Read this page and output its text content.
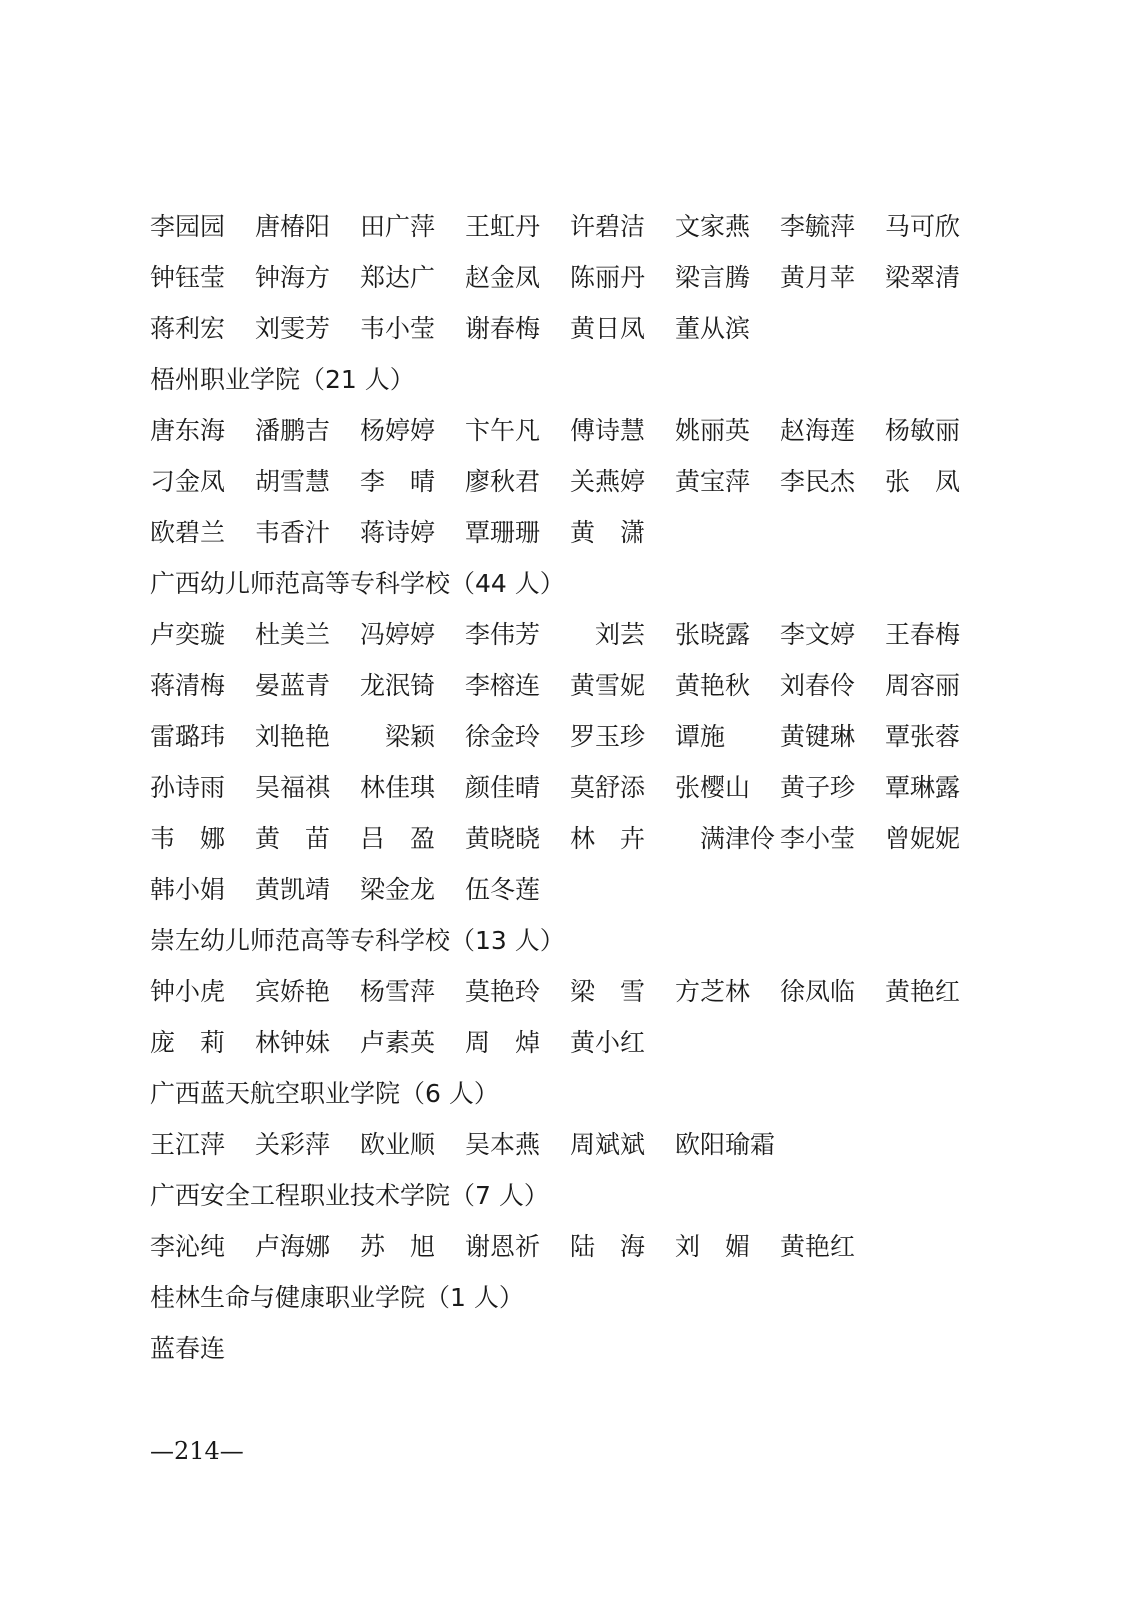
李园园	唐椿阳	田广萍	王虹丹	许碧洁	文家燕	李毓萍	马可欣
钟钰莹	钟海方	郑达广	赵金凤	陈丽丹	梁言腾	黄月苹	梁翠清
蒋利宏	刘雯芳	韦小莹	谢春梅	黄日凤	董从滨
梧州职业学院（21 人）
唐东海	潘鹏吉	杨婷婷	卞午凡	傅诗慧	姚丽英	赵海莲	杨敏丽
刁金凤	胡雪慧	李　晴	廖秋君	关燕婷	黄宝萍	李民杰	张　凤
欧碧兰	韦香汁	蒋诗婷	覃珊珊	黄　潇
广西幼儿师范高等专科学校（44 人）
卢奕璇	杜美兰	冯婷婷	李伟芳	　刘芸	张晓露	李文婷	王春梅
蒋清梅	晏蓝青	龙泯锜	李榕连	黄雪妮	黄艳秋	刘春伶	周容丽
雷璐玮	刘艳艳	　梁颖	徐金玲	罗玉珍	谭施	黄键琳	覃张蓉
孙诗雨	吴福祺	林佳琪	颜佳晴	莫舒添	张樱山	黄子珍	覃琳露
韦　娜	黄　苗	吕　盈	黄晓晓	林　卉	　满津伶 李小莹	曾妮妮
韩小娟	黄凯靖	梁金龙	伍冬莲
崇左幼儿师范高等专科学校（13 人）
钟小虎	宾娇艳	杨雪萍	莫艳玲	梁　雪	方芝林	徐凤临	黄艳红
庞　莉	林钟妹	卢素英	周　焯	黄小红
广西蓝天航空职业学院（6 人）
王江萍	关彩萍	欧业顺	吴本燕	周斌斌	欧阳瑜霜
广西安全工程职业技术学院（7 人）
李沁纯	卢海娜	苏　旭	谢恩祈	陆　海	刘　媚	黄艳红
桂林生命与健康职业学院（1 人）
蓝春连
—214—
